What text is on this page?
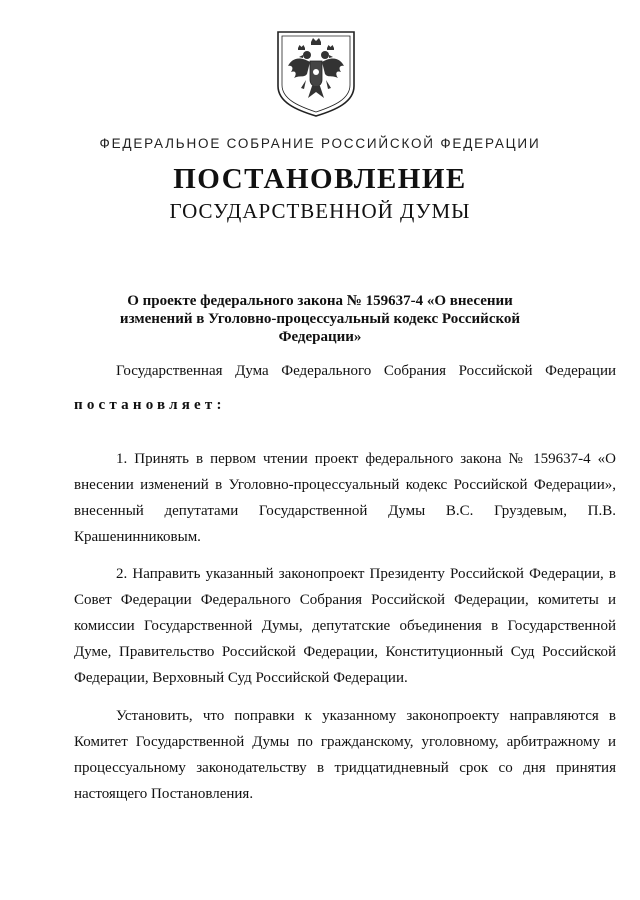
ФЕДЕРАЛЬНОЕ СОБРАНИЕ РОССИЙСКОЙ ФЕДЕРАЦИИ
ПОСТАНОВЛЕНИЕ
ГОСУДАРСТВЕННОЙ ДУМЫ
О проекте федерального закона № 159637-4 «О внесении изменений в Уголовно-процессуальный кодекс Российской Федерации»
Государственная Дума Федерального Собрания Российской Федерации
постановляет:
1. Принять в первом чтении проект федерального закона № 159637-4 «О внесении изменений в Уголовно-процессуальный кодекс Российской Федерации», внесенный депутатами Государственной Думы В.С. Груздевым, П.В. Крашенинниковым.
2. Направить указанный законопроект Президенту Российской Федерации, в Совет Федерации Федерального Собрания Российской Федерации, комитеты и комиссии Государственной Думы, депутатские объединения в Государственной Думе, Правительство Российской Федерации, Конституционный Суд Российской Федерации, Верховный Суд Российской Федерации.
Установить, что поправки к указанному законопроекту направляются в Комитет Государственной Думы по гражданскому, уголовному, арбитражному и процессуальному законодательству в тридцатидневный срок со дня принятия настоящего Постановления.
